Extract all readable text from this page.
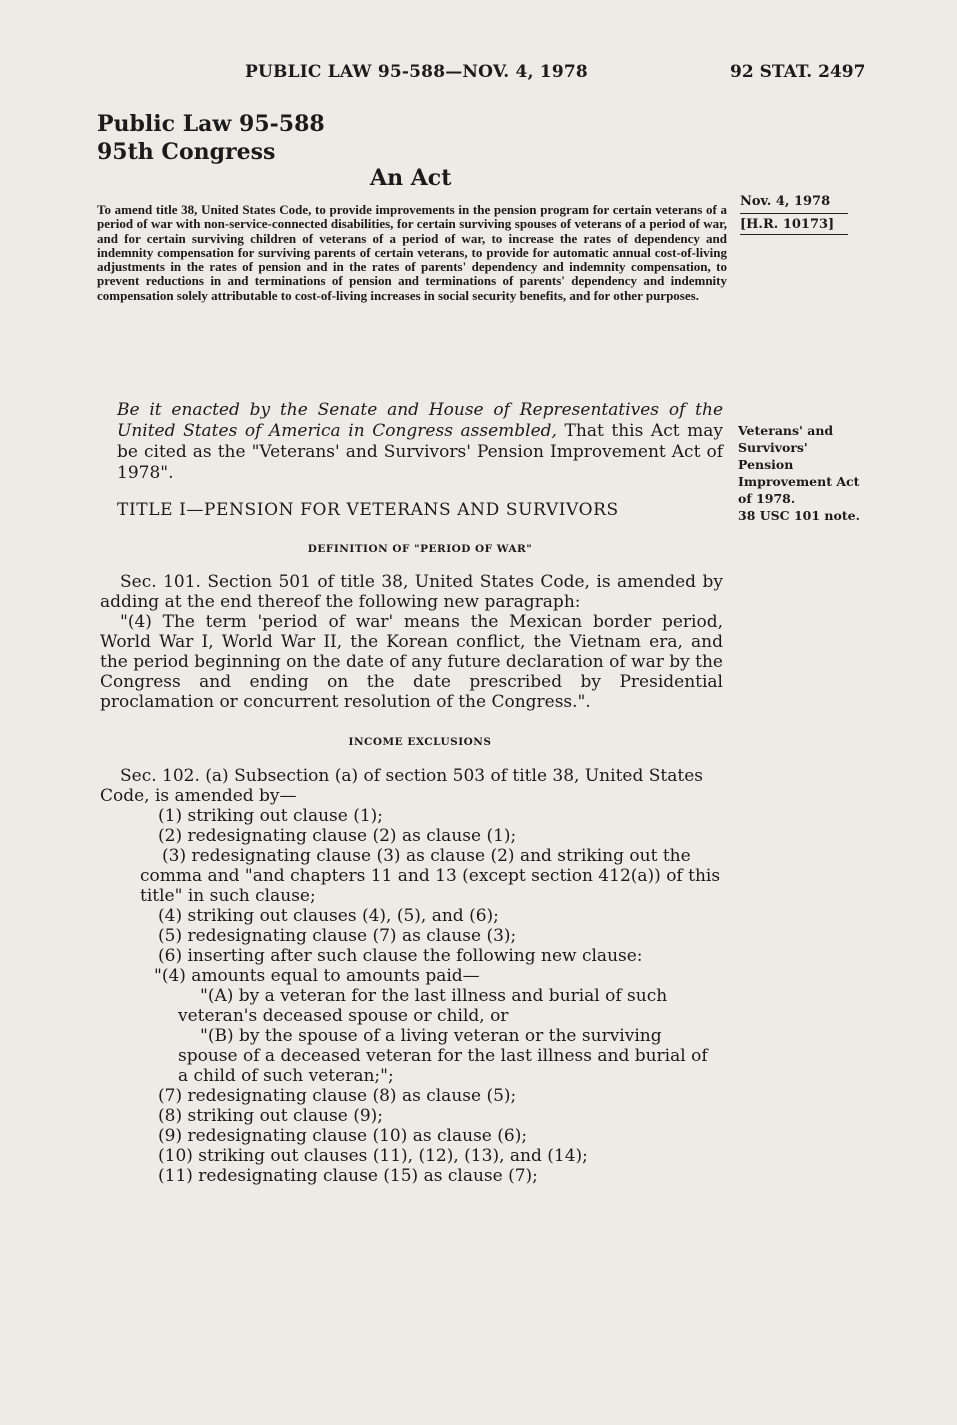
PUBLIC LAW 95-588—NOV. 4, 1978	92 STAT. 2497
Public Law 95-588
95th Congress
An Act

To amend title 38, United States Code, to provide improvements in the pension program for certain veterans of a period of war with non-service-connected disabilities, for certain surviving spouses of veterans of a period of war, and for certain surviving children of veterans of a period of war, to increase the rates of dependency and indemnity compensation for surviving parents of certain veterans, to provide for automatic annual cost-of-living adjustments in the rates of pension and in the rates of parents' dependency and indemnity compensation, to prevent reductions in and terminations of pension and terminations of parents' dependency and indemnity compensation solely attributable to cost-of-living increases in social security benefits, and for other purposes.

Nov. 4, 1978
[H.R. 10173]
Be it enacted by the Senate and House of Representatives of the United States of America in Congress assembled, That this Act may be cited as the "Veterans' and Survivors' Pension Improvement Act of 1978".
Veterans' and
Survivors'
Pension
Improvement Act
of 1978.
38 USC 101 note.
TITLE I—PENSION FOR VETERANS AND SURVIVORS
DEFINITION OF "PERIOD OF WAR"

Sec. 101. Section 501 of title 38, United States Code, is amended by adding at the end thereof the following new paragraph:

"(4) The term 'period of war' means the Mexican border period, World War I, World War II, the Korean conflict, the Vietnam era, and the period beginning on the date of any future declaration of war by the Congress and ending on the date prescribed by Presidential proclamation or concurrent resolution of the Congress.".

INCOME EXCLUSIONS

Sec. 102. (a) Subsection (a) of section 503 of title 38, United States Code, is amended by—

(1) striking out clause (1);

(2) redesignating clause (2) as clause (1);

(3) redesignating clause (3) as clause (2) and striking out the comma and "and chapters 11 and 13 (except section 412(a)) of this title" in such clause;

(4) striking out clauses (4), (5), and (6);

(5) redesignating clause (7) as clause (3);

(6) inserting after such clause the following new clause:

"(4) amounts equal to amounts paid—

"(A) by a veteran for the last illness and burial of such veteran's deceased spouse or child, or

"(B) by the spouse of a living veteran or the surviving spouse of a deceased veteran for the last illness and burial of a child of such veteran;";

(7) redesignating clause (8) as clause (5);

(8) striking out clause (9);

(9) redesignating clause (10) as clause (6);

(10) striking out clauses (11), (12), (13), and (14);

(11) redesignating clause (15) as clause (7);
